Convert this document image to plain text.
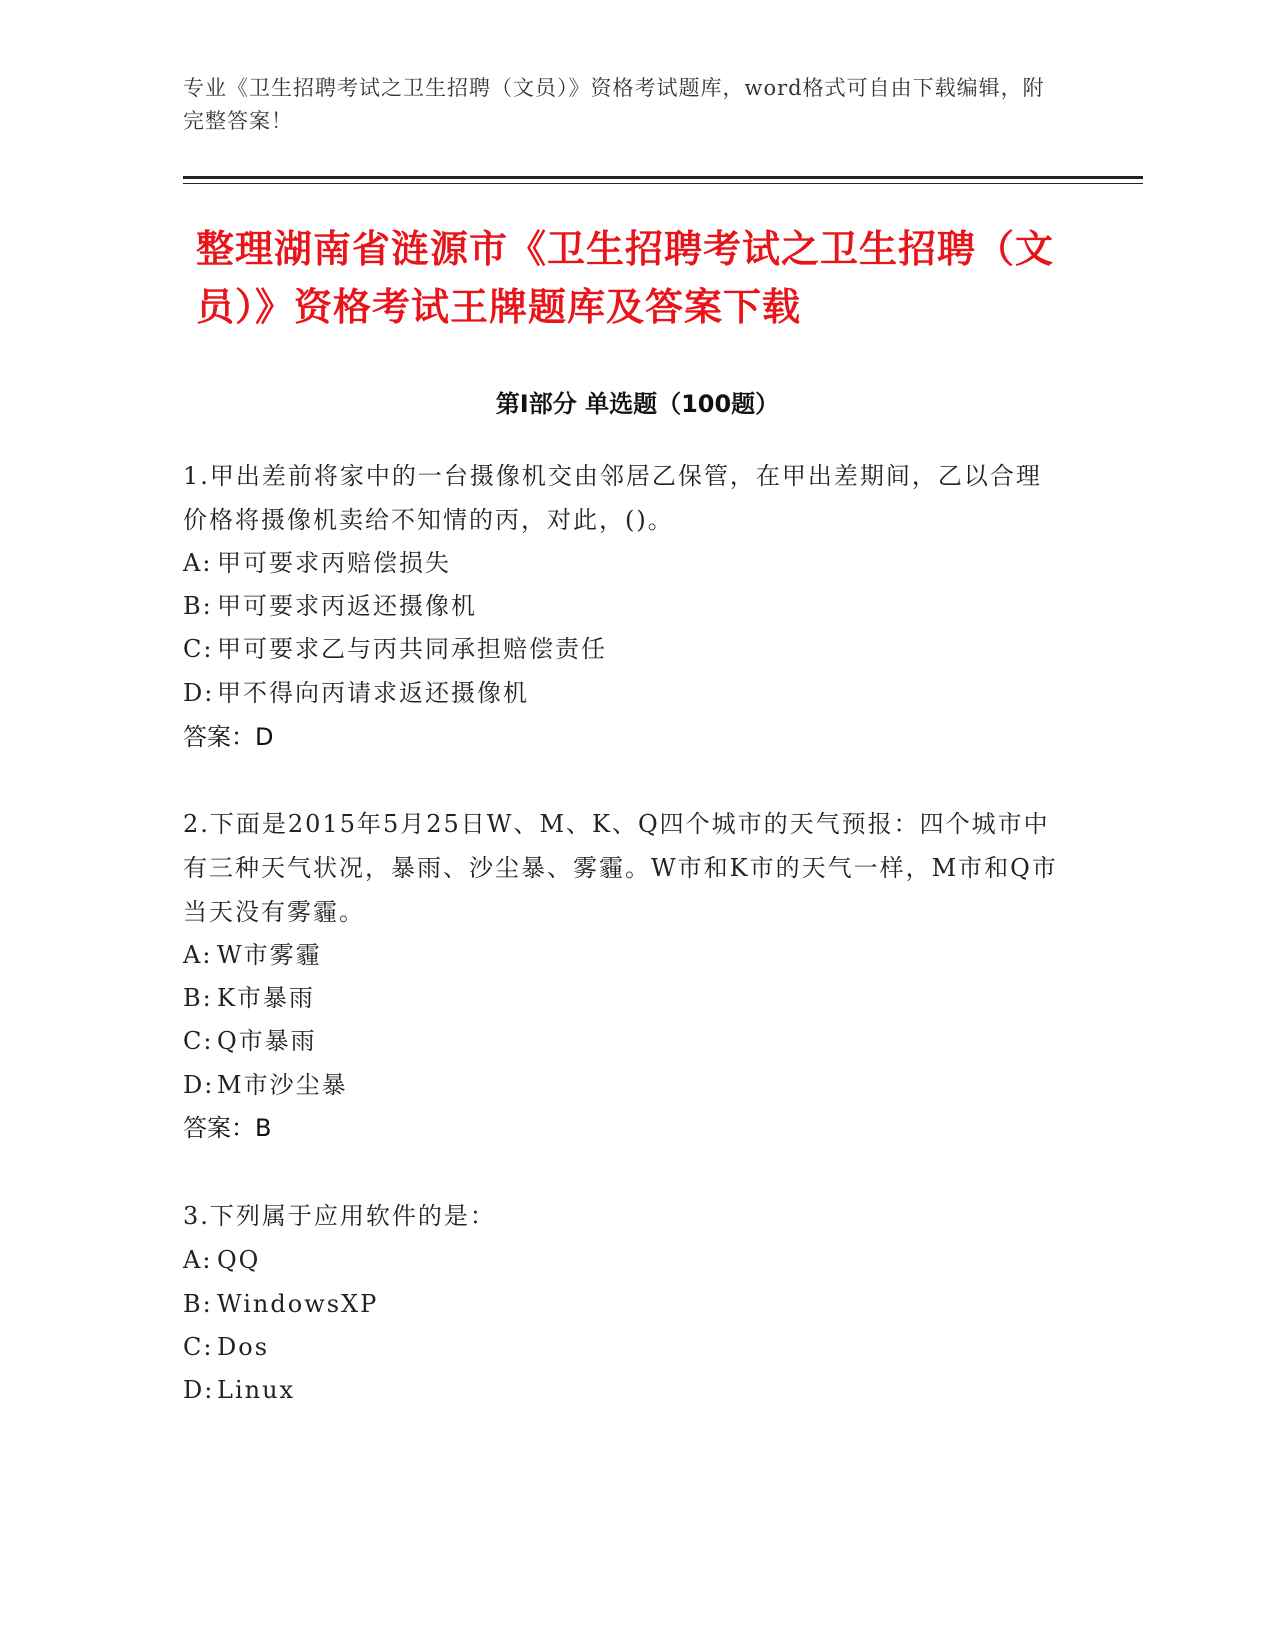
专业《卫生招聘考试之卫生招聘（文员）》资格考试题库，word格式可自由下载编辑，附完整答案！

整理湖南省涟源市《卫生招聘考试之卫生招聘（文员）》资格考试王牌题库及答案下载
第Ⅰ部分 单选题（100题）
1.甲出差前将家中的一台摄像机交由邻居乙保管，在甲出差期间，乙以合理价格将摄像机卖给不知情的丙，对此，()。
A: 甲可要求丙赔偿损失
B: 甲可要求丙返还摄像机
C: 甲可要求乙与丙共同承担赔偿责任
D: 甲不得向丙请求返还摄像机
答案：D
2.下面是2015年5月25日W、M、K、Q四个城市的天气预报：四个城市中有三种天气状况，暴雨、沙尘暴、雾霾。W市和K市的天气一样，M市和Q市当天没有雾霾。
A: W市雾霾
B: K市暴雨
C: Q市暴雨
D: M市沙尘暴
答案：B
3.下列属于应用软件的是：
A: QQ
B: WindowsXP
C: Dos
D: Linux
